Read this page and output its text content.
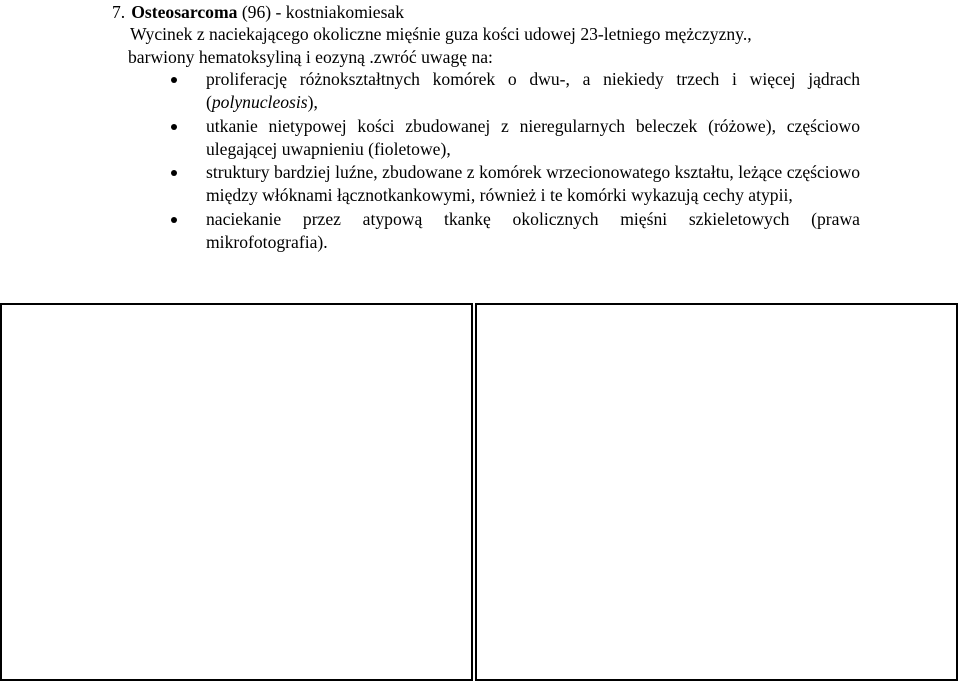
7. Osteosarcoma (96) - kostniakomiesak

Wycinek z naciekającego okoliczne mięśnie guza kości udowej 23-letniego mężczyzny.,

barwiony hematoksyliną i eozyną .zwróć uwagę na:

proliferację różnokształtnych komórek o dwu-, a niekiedy trzech i więcej jądrach (polynucleosis),
utkanie nietypowej kości zbudowanej z nieregularnych beleczek (różowe), częściowo ulegającej uwapnieniu (fioletowe),
struktury bardziej luźne, zbudowane z komórek wrzecionowatego kształtu, leżące częściowo między włóknami łącznotkankowymi, również i te komórki wykazują cechy atypii,
naciekanie przez atypową tkankę okolicznych mięśni szkieletowych (prawa mikrofotografia).
